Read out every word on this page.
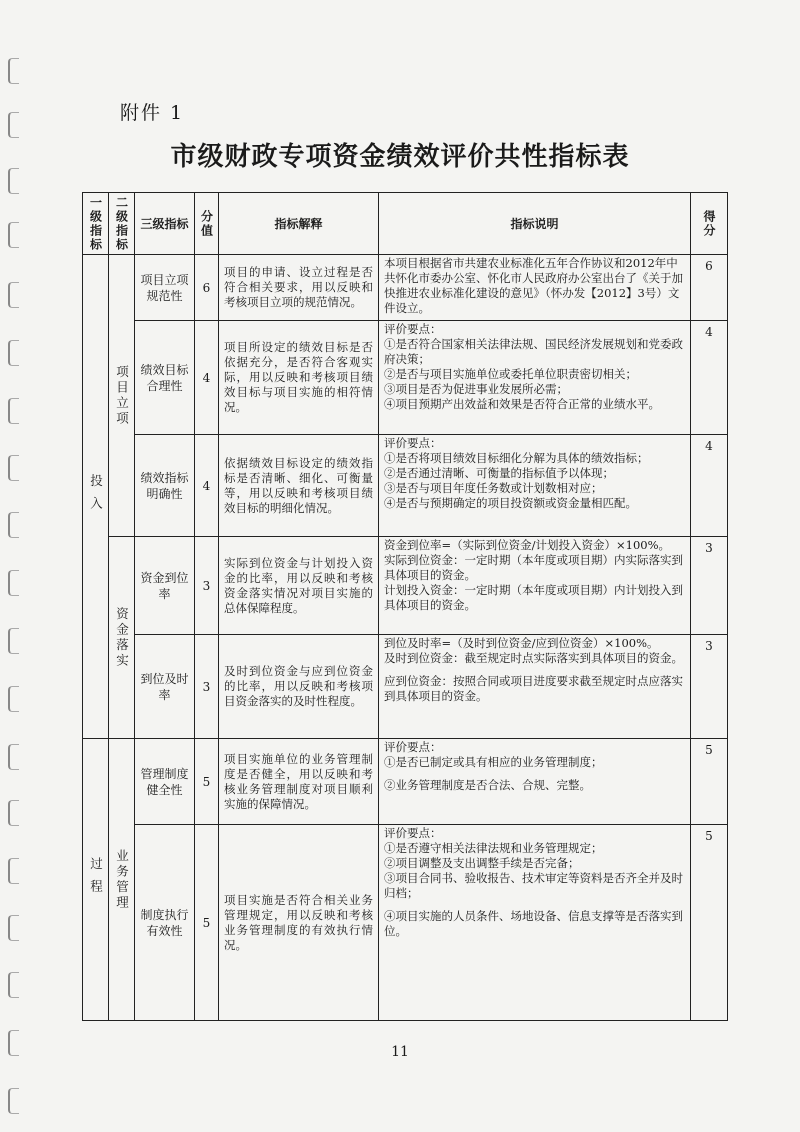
附件 1
市级财政专项资金绩效评价共性指标表
一级指标	二级指标	三级指标	分值	指标解释	指标说明	得分

投入	项目立项	项目立项规范性	6	项目的申请、设立过程是否符合相关要求，用以反映和考核项目立项的规范情况。	本项目根据省市共建农业标准化五年合作协议和2012年中共怀化市委办公室、怀化市人民政府办公室出台了《关于加快推进农业标准化建设的意见》（怀办发【2012】3号）文件设立。	6
		绩效目标合理性	4	项目所设定的绩效目标是否依据充分，是否符合客观实际，用以反映和考核项目绩效目标与项目实施的相符情况。	评价要点：
①是否符合国家相关法律法规、国民经济发展规划和党委政府决策；
②是否与项目实施单位或委托单位职责密切相关；
③项目是否为促进事业发展所必需；
④项目预期产出效益和效果是否符合正常的业绩水平。	4
		绩效指标明确性	4	依据绩效目标设定的绩效指标是否清晰、细化、可衡量等，用以反映和考核项目绩效目标的明细化情况。	评价要点：
①是否将项目绩效目标细化分解为具体的绩效指标；
②是否通过清晰、可衡量的指标值予以体现；
③是否与项目年度任务数或计划数相对应；
④是否与预期确定的项目投资额或资金量相匹配。	4

	资金落实	资金到位率	3	实际到位资金与计划投入资金的比率，用以反映和考核资金落实情况对项目实施的总体保障程度。	资金到位率=（实际到位资金/计划投入资金）×100%。
实际到位资金：一定时期（本年度或项目期）内实际落实到具体项目的资金。
计划投入资金：一定时期（本年度或项目期）内计划投入到具体项目的资金。	3
		到位及时率	3	及时到位资金与应到位资金的比率，用以反映和考核项目资金落实的及时性程度。	到位及时率=（及时到位资金/应到位资金）×100%。
及时到位资金：截至规定时点实际落实到具体项目的资金。
应到位资金：按照合同或项目进度要求截至规定时点应落实到具体项目的资金。	3

过程	业务管理	管理制度健全性	5	项目实施单位的业务管理制度是否健全，用以反映和考核业务管理制度对项目顺利实施的保障情况。	评价要点：
①是否已制定或具有相应的业务管理制度；
②业务管理制度是否合法、合规、完整。	5
		制度执行有效性	5	项目实施是否符合相关业务管理规定，用以反映和考核业务管理制度的有效执行情况。	评价要点：
①是否遵守相关法律法规和业务管理规定；
②项目调整及支出调整手续是否完备；
③项目合同书、验收报告、技术审定等资料是否齐全并及时归档；
④项目实施的人员条件、场地设备、信息支撑等是否落实到位。	5
11
